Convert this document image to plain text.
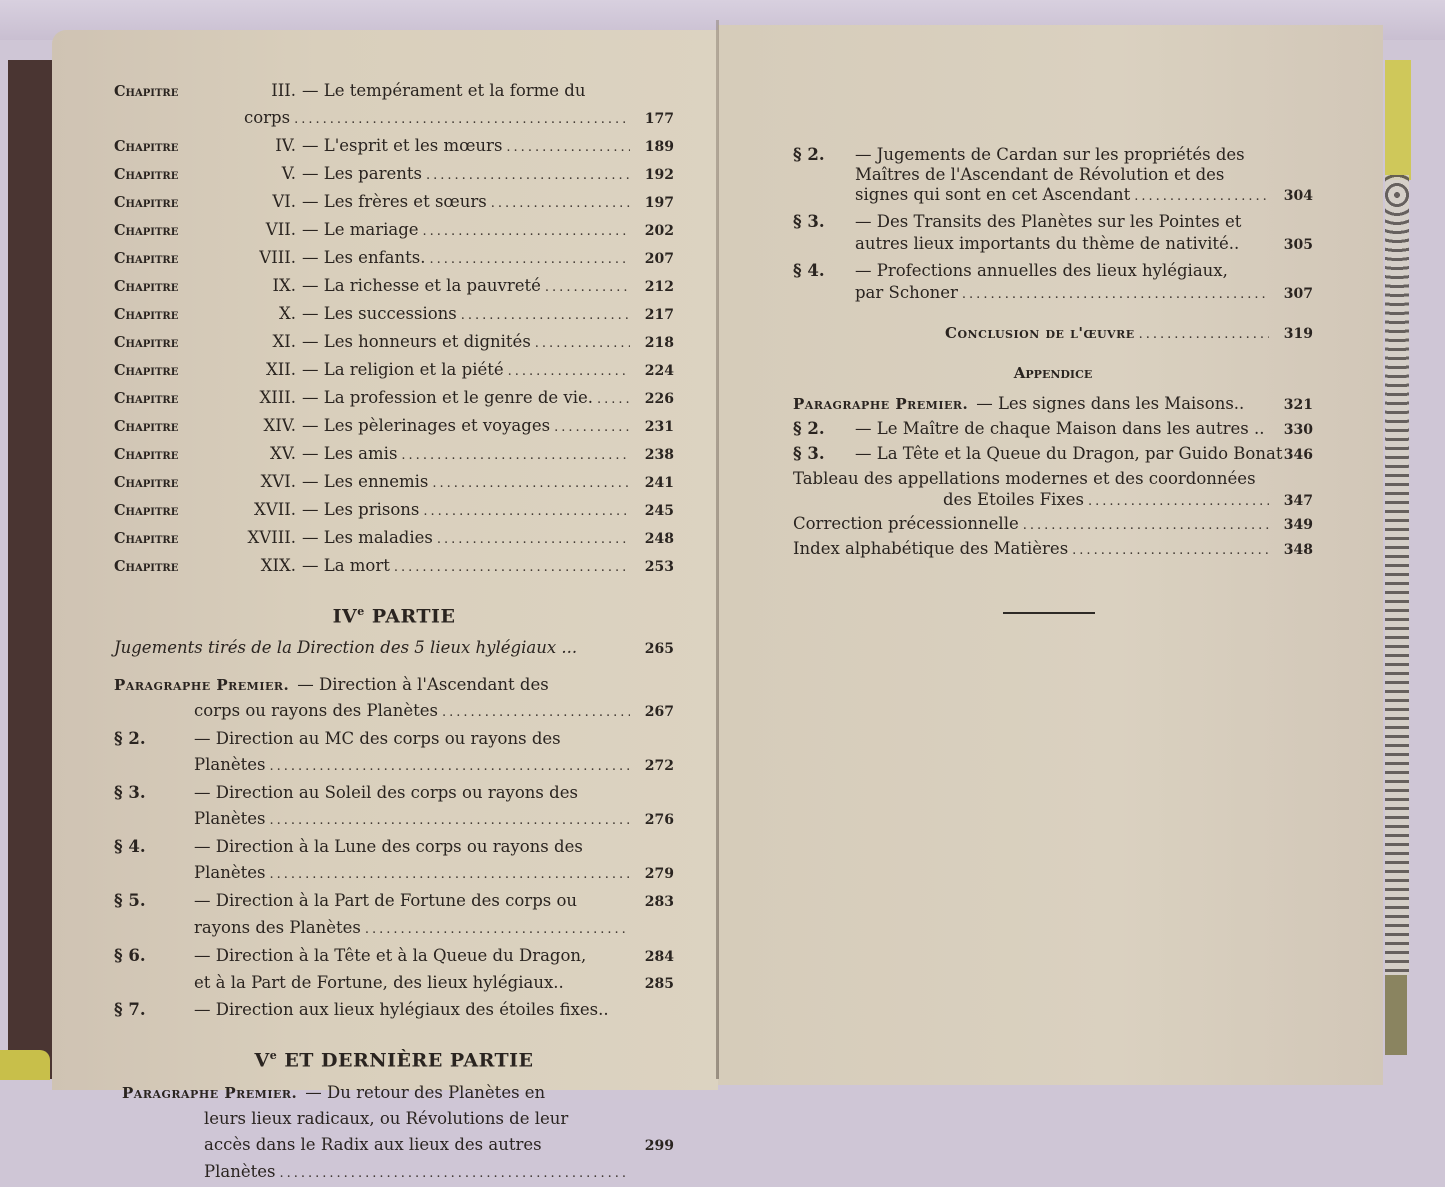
Chapitre	III. — Le tempérament et la forme du
corps .....	177
Chapitre	IV. — L'esprit et les mœurs .....	189
Chapitre	V. — Les parents .....	192
Chapitre	VI. — Les frères et sœurs .....	197
Chapitre	VII. — Le mariage .....	202
Chapitre	VIII. — Les enfants. .....	207
Chapitre	IX. — La richesse et la pauvreté .....	212
Chapitre	X. — Les successions .....	217
Chapitre	XI. — Les honneurs et dignités .....	218
Chapitre	XII. — La religion et la piété .....	224
Chapitre	XIII. — La profession et le genre de vie. .....	226
Chapitre	XIV. — Les pèlerinages et voyages .....	231
Chapitre	XV. — Les amis .....	238
Chapitre	XVI. — Les ennemis .....	241
Chapitre	XVII. — Les prisons .....	245
Chapitre	XVIII. — Les maladies .....	248
Chapitre	XIX. — La mort .....	253
IVe PARTIE
Jugements tirés de la Direction des 5 lieux hylégiaux ...	265
Paragraphe Premier. — Direction à l'Ascendant des
corps ou rayons des Planètes .....	267
§ 2.	— Direction au MC des corps ou rayons des
Planètes .....	272
§ 3.	— Direction au Soleil des corps ou rayons des
Planètes .....	276
§ 4.	— Direction à la Lune des corps ou rayons des
Planètes .....	279
§ 5.	— Direction à la Part de Fortune des corps ou	283
rayons des Planètes
.....
§ 6.	— Direction à la Tête et à la Queue du Dragon,	284
et à la Part de Fortune, des lieux hylégiaux..	285
§ 7.	— Direction aux lieux hylégiaux des étoiles fixes..
Ve ET DERNIÈRE PARTIE
Paragraphe Premier. — Du retour des Planètes en
leurs lieux radicaux, ou Révolutions de leur
accès dans le Radix aux lieux des autres	299
Planètes
.....
§ 2.	— Jugements de Cardan sur les propriétés des
Maîtres de l'Ascendant de Révolution et des
signes qui sont en cet Ascendant .....	304
§ 3.	— Des Transits des Planètes sur les Pointes et
autres lieux importants du thème de nativité..	305
§ 4.	— Profections annuelles des lieux hylégiaux,
par Schoner .....	307
Conclusion de l'œuvre .....	319
Appendice
Paragraphe Premier. — Les signes dans les Maisons..	321
§ 2.	— Le Maître de chaque Maison dans les autres ..	330
§ 3.	— La Tête et la Queue du Dragon, par Guido Bonat 346
Tableau des appellations modernes et des coordonnées
des Etoiles Fixes .....	347
Correction précessionnelle .....	349
Index alphabétique des Matières .....	348
